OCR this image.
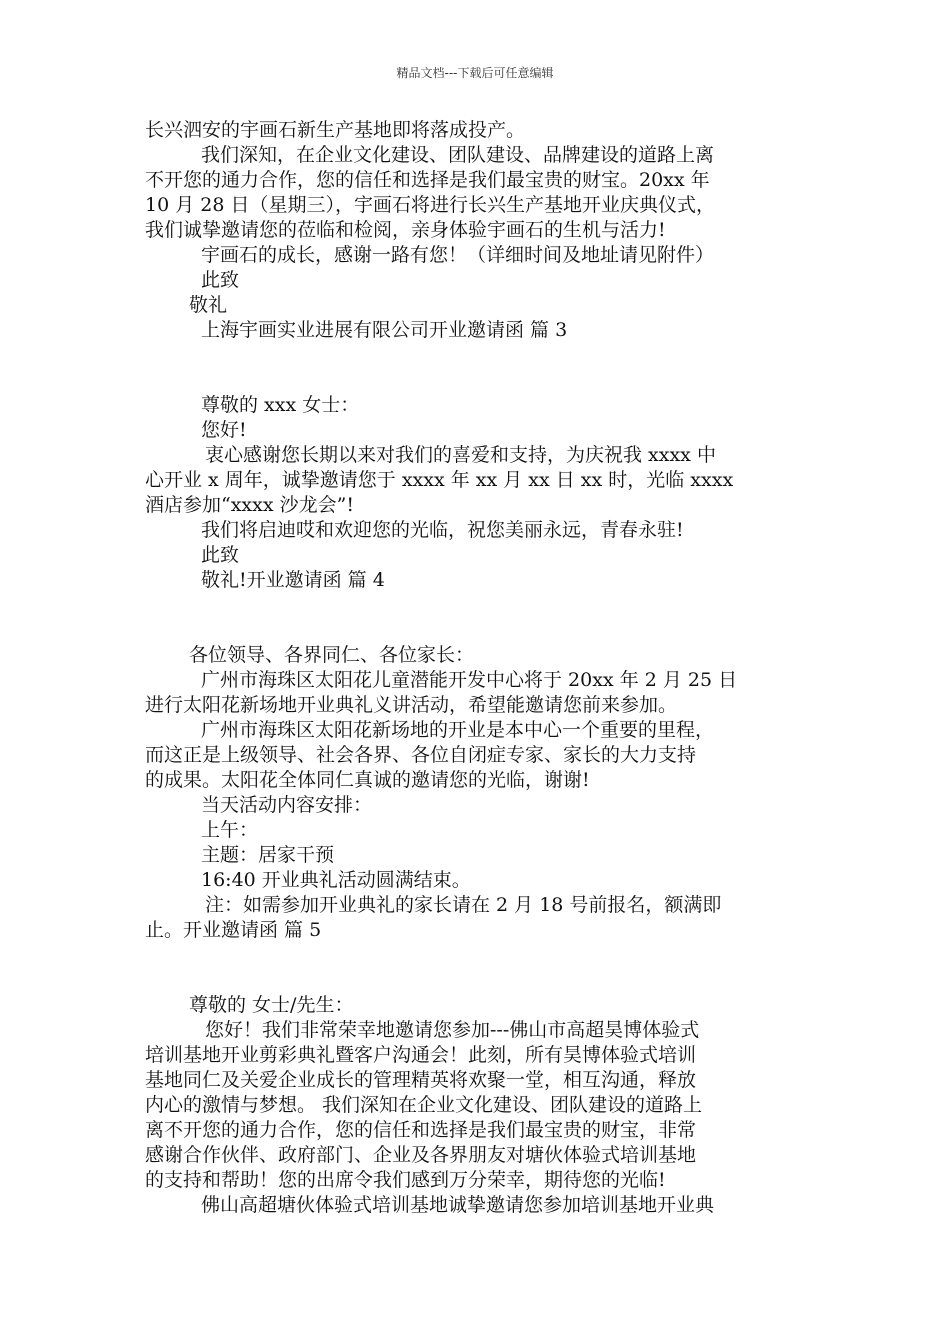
精品文档---下载后可任意编辑

长兴泗安的宇画石新生产基地即将落成投产。

我们深知，在企业文化建设、团队建设、品牌建设的道路上离

不开您的通力合作，您的信任和选择是我们最宝贵的财宝。20xx 年

10 月 28 日（星期三），宇画石将进行长兴生产基地开业庆典仪式，

我们诚挚邀请您的莅临和检阅，亲身体验宇画石的生机与活力!

宇画石的成长，感谢一路有您！（详细时间及地址请见附件）

此致

敬礼

上海宇画实业进展有限公司开业邀请函 篇 3

尊敬的 xxx 女士：

您好!

衷心感谢您长期以来对我们的喜爱和支持，为庆祝我 xxxx 中

心开业 x 周年，诚挚邀请您于 xxxx 年 xx 月 xx 日 xx 时，光临 xxxx

酒店参加“xxxx 沙龙会”!

我们将启迪哎和欢迎您的光临，祝您美丽永远，青春永驻!

此致

敬礼!开业邀请函 篇 4

各位领导、各界同仁、各位家长：

广州市海珠区太阳花儿童潜能开发中心将于 20xx 年 2 月 25 日

进行太阳花新场地开业典礼义讲活动，希望能邀请您前来参加。

广州市海珠区太阳花新场地的开业是本中心一个重要的里程，

而这正是上级领导、社会各界、各位自闭症专家、家长的大力支持

的成果。太阳花全体同仁真诚的邀请您的光临，谢谢!

当天活动内容安排：

上午：

主题：居家干预

16:40 开业典礼活动圆满结束。

注：如需参加开业典礼的家长请在 2 月 18 号前报名，额满即

止。开业邀请函 篇 5

尊敬的 女士/先生：

您好！我们非常荣幸地邀请您参加---佛山市高超昊博体验式

培训基地开业剪彩典礼暨客户沟通会！此刻，所有昊博体验式培训

基地同仁及关爱企业成长的管理精英将欢聚一堂，相互沟通，释放

内心的激情与梦想。 我们深知在企业文化建设、团队建设的道路上

离不开您的通力合作，您的信任和选择是我们最宝贵的财宝，非常

感谢合作伙伴、政府部门、企业及各界朋友对塘伙体验式培训基地

的支持和帮助！您的出席令我们感到万分荣幸，期待您的光临!

佛山高超塘伙体验式培训基地诚挚邀请您参加培训基地开业典
